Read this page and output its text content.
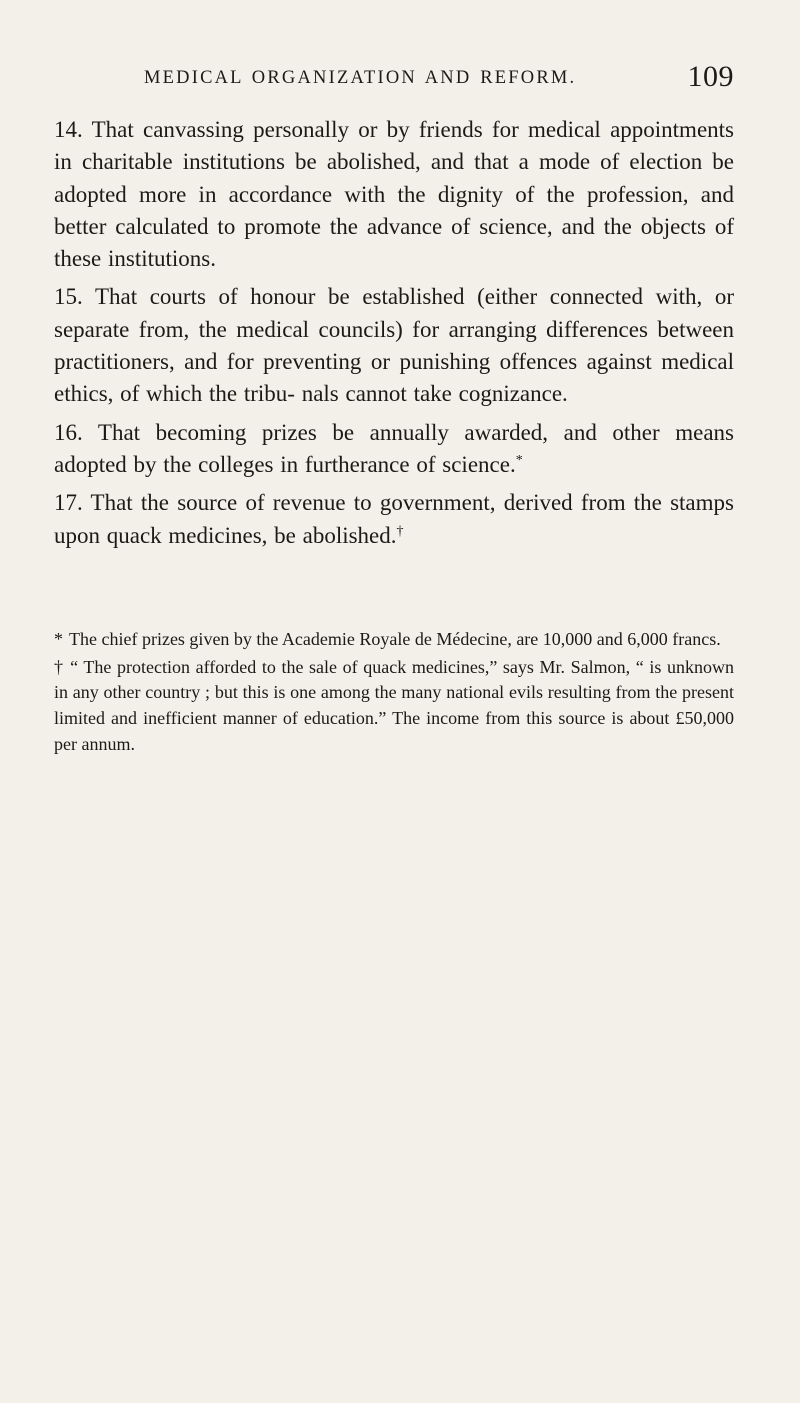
MEDICAL ORGANIZATION AND REFORM.	109

14. That canvassing personally or by friends for medical appointments in charitable institutions be abolished, and that a mode of election be adopted more in accordance with the dignity of the profession, and better calculated to promote the advance of science, and the objects of these institutions.

15. That courts of honour be established (either connected with, or separate from, the medical councils) for arranging differences between practitioners, and for preventing or punishing offences against medical ethics, of which the tribu- nals cannot take cognizance.

16. That becoming prizes be annually awarded, and other means adopted by the colleges in furtherance of science.*

17. That the source of revenue to government, derived from the stamps upon quack medicines, be abolished.†

* The chief prizes given by the Academie Royale de Médecine, are 10,000 and 6,000 francs.

† “ The protection afforded to the sale of quack medicines,” says Mr. Salmon, “ is unknown in any other country ; but this is one among the many national evils resulting from the present limited and inefficient manner of education.” The income from this source is about £50,000 per annum.
